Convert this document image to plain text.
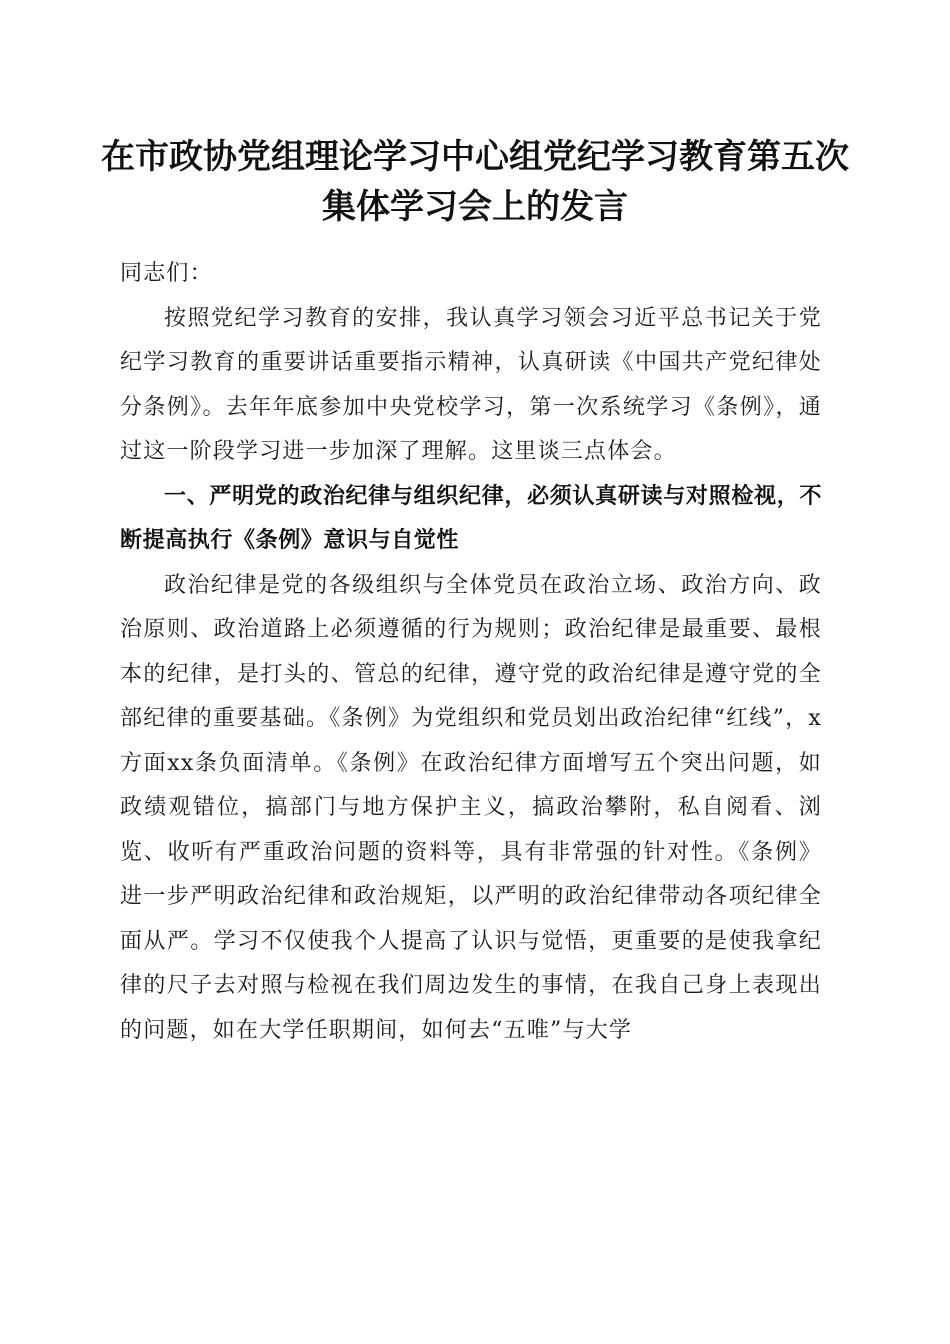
在市政协党组理论学习中心组党纪学习教育第五次集体学习会上的发言

同志们：

按照党纪学习教育的安排，我认真学习领会习近平总书记关于党纪学习教育的重要讲话重要指示精神，认真研读《中国共产党纪律处分条例》。去年年底参加中央党校学习，第一次系统学习《条例》，通过这一阶段学习进一步加深了理解。这里谈三点体会。

一、严明党的政治纪律与组织纪律，必须认真研读与对照检视，不断提高执行《条例》意识与自觉性

政治纪律是党的各级组织与全体党员在政治立场、政治方向、政治原则、政治道路上必须遵循的行为规则；政治纪律是最重要、最根本的纪律，是打头的、管总的纪律，遵守党的政治纪律是遵守党的全部纪律的重要基础。《条例》为党组织和党员划出政治纪律“红线”，x方面xx条负面清单。《条例》在政治纪律方面增写五个突出问题，如政绩观错位，搞部门与地方保护主义，搞政治攀附，私自阅看、浏览、收听有严重政治问题的资料等，具有非常强的针对性。《条例》进一步严明政治纪律和政治规矩，以严明的政治纪律带动各项纪律全面从严。学习不仅使我个人提高了认识与觉悟，更重要的是使我拿纪律的尺子去对照与检视在我们周边发生的事情，在我自己身上表现出的问题，如在大学任职期间，如何去“五唯”与大学
